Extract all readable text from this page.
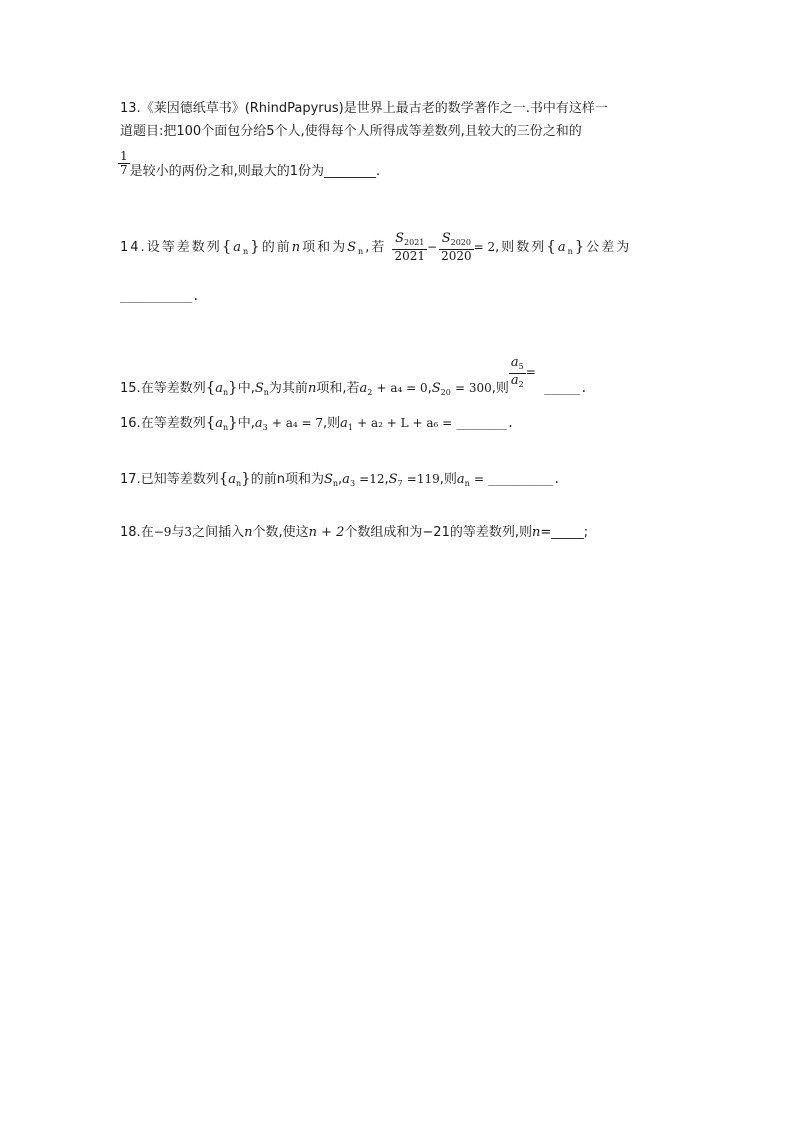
13.《莱因德纸草书》(RhindPapyrus)是世界上最古老的数学著作之一.书中有这样一
道题目:把100个面包分给5个人,使得每个人所得成等差数列,且较大的三份之和的
$\frac{1}{7}$ 是较小的两份之和,则最大的1份为________.
14.设等差数列$\{a_n\}$的前n项和为$S_n$,若 $\frac{S_{2021}}{2021} - \frac{S_{2020}}{2020} = 2$,则数列$\{a_n\}$公差为
__________.
15.在等差数列$\{a_n\}$中$,S_n$为其前n项和,若$a_2 + a_4 = 0,S_{20} = 300$,则 $\frac{a_5}{a_2}$ =  _____.
16.在等差数列$\{a_n\}$中$,a_3 + a_4 = 7$,则$a_1 + a_2 + L + a_6$ = _______.
17.已知等差数列$\{a_n\}$的前n项和为$S_n,a_3 =12,S_7 =119$,则$a_n$ = _________.
18.在−9与3之间插入n个数,使这n + 2个数组成和为−21的等差数列,则n=_____;
